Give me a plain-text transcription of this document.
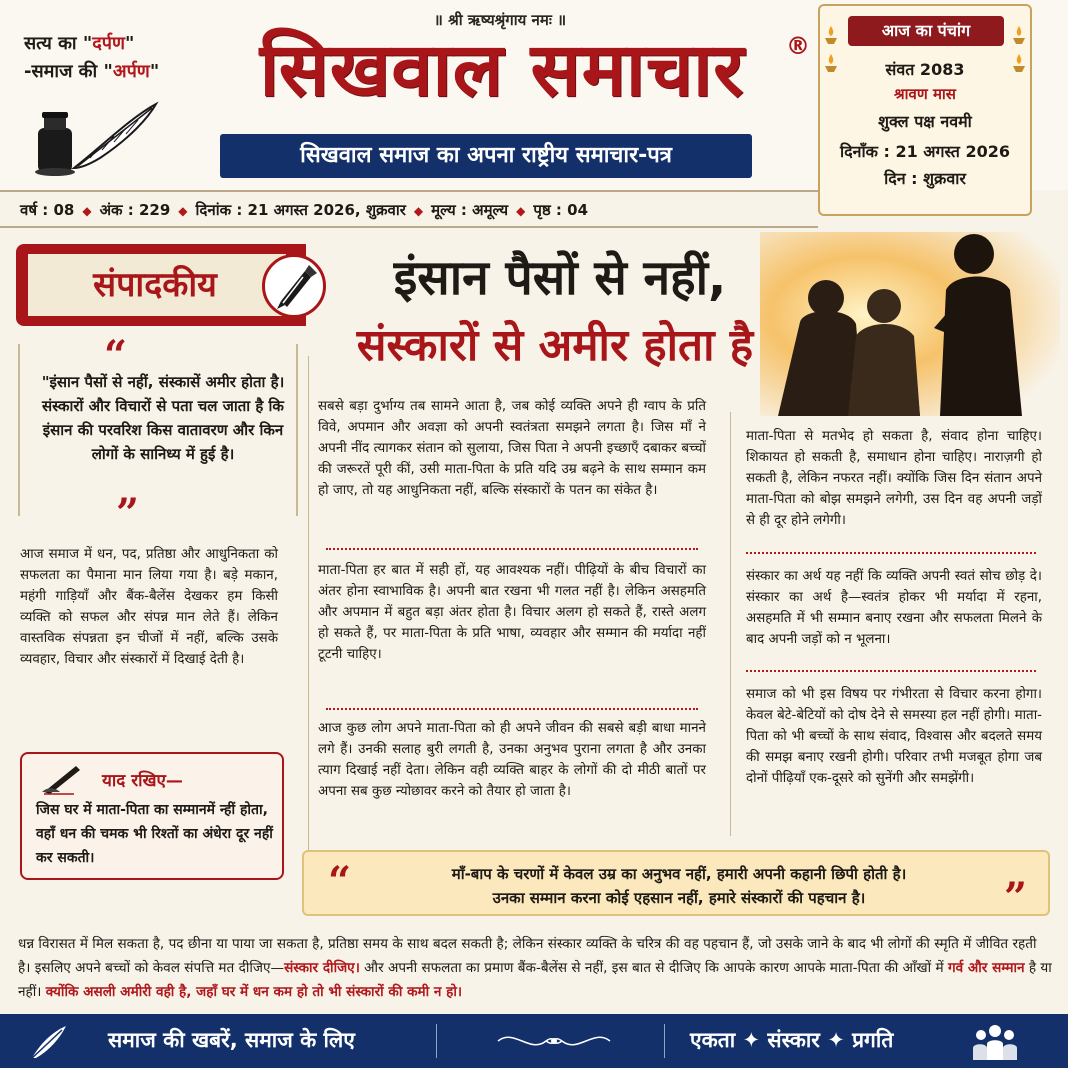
॥ श्री ऋष्यश्रृंगाय नमः ॥
सत्य का "दर्पण"
-समाज की "अर्पण"	सिखवाल समाचार	®
सिखवाल समाज का अपना राष्ट्रीय समाचार-पत्र
आज का पंचांग
संवत 2083
श्रावण मास
शुक्ल पक्ष नवमी
दिनाँक : 21 अगस्त 2026
दिन : शुक्रवार
वर्ष : 08 ◆ अंक : 229 ◆ दिनांक : 21 अगस्त 2026, शुक्रवार ◆ मूल्य : अमूल्य ◆ पृष्ठ : 04
संपादकीय	इंसान पैसों से नहीं,
संस्कारों से अमीर होता है
“
"इंसान पैसों से नहीं, संस्कासें अमीर होता है। संस्कारों और विचारों से पता चल जाता है कि इंसान की परवरिश किस वातावरण और किन लोगों के सानिध्य में हुई है।
”
आज समाज में धन, पद, प्रतिष्ठा और आधुनिकता को सफलता का पैमाना मान लिया गया है। बड़े मकान, महंगी गाड़ियाँ और बैंक-बैलेंस देखकर हम किसी व्यक्ति को सफल और संपन्न मान लेते हैं। लेकिन वास्तविक संपन्नता इन चीजों में नहीं, बल्कि उसके व्यवहार, विचार और संस्कारों में दिखाई देती है।
याद रखिए—
जिस घर में माता-पिता का सम्मानमें न्हीं होता, वहाँ धन की चमक भी रिश्तों का अंधेरा दूर नहीं कर सकती।
सबसे बड़ा दुर्भाग्य तब सामने आता है, जब कोई व्यक्ति अपने ही ग्वाप के प्रति विवे, अपमान और अवज्ञा को अपनी स्वतंत्रता समझने लगता है। जिस माँ ने अपनी नींद त्यागकर संतान को सुलाया, जिस पिता ने अपनी इच्छाएँ दबाकर बच्चों की जरूरतें पूरी कीं, उसी माता-पिता के प्रति यदि उम्र बढ़ने के साथ सम्मान कम हो जाए, तो यह आधुनिकता नहीं, बल्कि संस्कारों के पतन का संकेत है।
माता-पिता हर बात में सही हों, यह आवश्यक नहीं। पीढ़ियों के बीच विचारों का अंतर होना स्वाभाविक है। अपनी बात रखना भी गलत नहीं है। लेकिन असहमति और अपमान में बहुत बड़ा अंतर होता है। विचार अलग हो सकते हैं, रास्ते अलग हो सकते हैं, पर माता-पिता के प्रति भाषा, व्यवहार और सम्मान की मर्यादा नहीं टूटनी चाहिए।
आज कुछ लोग अपने माता-पिता को ही अपने जीवन की सबसे बड़ी बाधा मानने लगे हैं। उनकी सलाह बुरी लगती है, उनका अनुभव पुराना लगता है और उनका त्याग दिखाई नहीं देता। लेकिन वही व्यक्ति बाहर के लोगों की दो मीठी बातों पर अपना सब कुछ न्योछावर करने को तैयार हो जाता है।
माता-पिता से मतभेद हो सकता है, संवाद होना चाहिए। शिकायत हो सकती है, समाधान होना चाहिए। नाराज़गी हो सकती है, लेकिन नफरत नहीं। क्योंकि जिस दिन संतान अपने माता-पिता को बोझ समझने लगेगी, उस दिन वह अपनी जड़ों से ही दूर होने लगेगी।
संस्कार का अर्थ यह नहीं कि व्यक्ति अपनी स्वतं सोच छोड़ दे। संस्कार का अर्थ है—स्वतंत्र होकर भी मर्यादा में रहना, असहमति में भी सम्मान बनाए रखना और सफलता मिलने के बाद अपनी जड़ों को न भूलना।
समाज को भी इस विषय पर गंभीरता से विचार करना होगा। केवल बेटे-बेटियों को दोष देने से समस्या हल नहीं होगी। माता-पिता को भी बच्चों के साथ संवाद, विश्वास और बदलते समय की समझ बनाए रखनी होगी। परिवार तभी मजबूत होगा जब दोनों पीढ़ियाँ एक-दूसरे को सुनेंगी और समझेंगी।
“	माँ-बाप के चरणों में केवल उम्र का अनुभव नहीं, हमारी अपनी कहानी छिपी होती है।
उनका सम्मान करना कोई एहसान नहीं, हमारे संस्कारों की पहचान है।	”
धन्न विरासत में मिल सकता है, पद छीना या पाया जा सकता है, प्रतिष्ठा समय के साथ बदल सकती है; लेकिन संस्कार व्यक्ति के चरित्र की वह पहचान हैं, जो उसके जाने के बाद भी लोगों की स्मृति में जीवित रहती है। इसलिए अपने बच्चों को केवल संपत्ति मत दीजिए—संस्कार दीजिए। और अपनी सफलता का प्रमाण बैंक-बैलेंस से नहीं, इस बात से दीजिए कि आपके कारण आपके माता-पिता की आँखों में गर्व और सम्मान है या नहीं। क्योंकि असली अमीरी वही है, जहाँ घर में धन कम हो तो भी संस्कारों की कमी न हो।
समाज की खबरें, समाज के लिए	एकता ✦ संस्कार ✦ प्रगति
